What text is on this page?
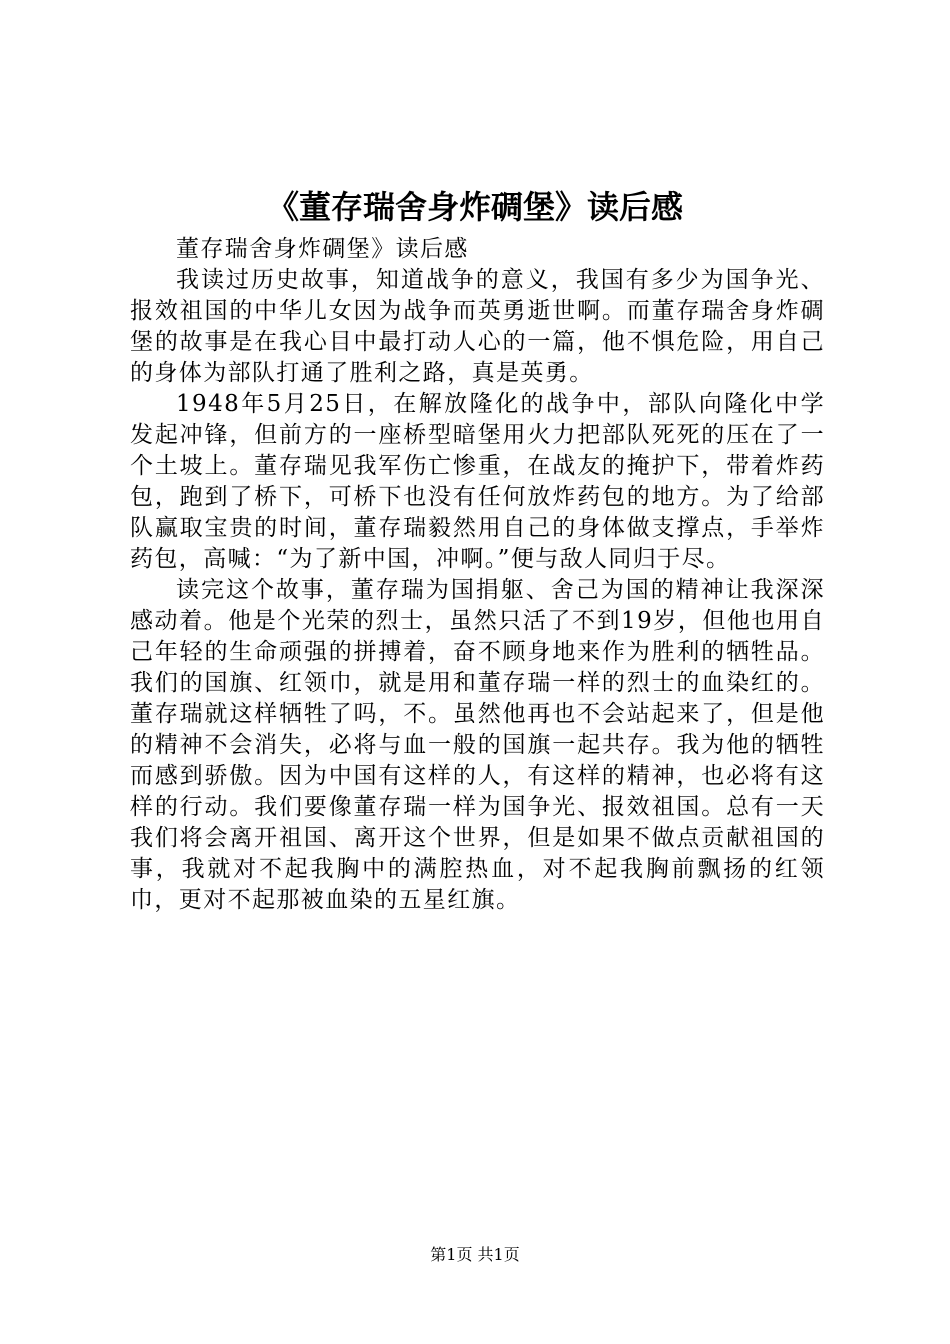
《董存瑞舍身炸碉堡》读后感

董存瑞舍身炸碉堡》读后感

我读过历史故事，知道战争的意义，我国有多少为国争光、报效祖国的中华儿女因为战争而英勇逝世啊。而董存瑞舍身炸碉堡的故事是在我心目中最打动人心的一篇，他不惧危险，用自己的身体为部队打通了胜利之路，真是英勇。

1948年5月25日，在解放隆化的战争中，部队向隆化中学发起冲锋，但前方的一座桥型暗堡用火力把部队死死的压在了一个土坡上。董存瑞见我军伤亡惨重，在战友的掩护下，带着炸药包，跑到了桥下，可桥下也没有任何放炸药包的地方。为了给部队赢取宝贵的时间，董存瑞毅然用自己的身体做支撑点，手举炸药包，高喊：“为了新中国，冲啊。”便与敌人同归于尽。

读完这个故事，董存瑞为国捐躯、舍己为国的精神让我深深感动着。他是个光荣的烈士，虽然只活了不到19岁，但他也用自己年轻的生命顽强的拼搏着，奋不顾身地来作为胜利的牺牲品。我们的国旗、红领巾，就是用和董存瑞一样的烈士的血染红的。董存瑞就这样牺牲了吗，不。虽然他再也不会站起来了，但是他的精神不会消失，必将与血一般的国旗一起共存。我为他的牺牲而感到骄傲。因为中国有这样的人，有这样的精神，也必将有这样的行动。我们要像董存瑞一样为国争光、报效祖国。总有一天我们将会离开祖国、离开这个世界，但是如果不做点贡献祖国的事，我就对不起我胸中的满腔热血，对不起我胸前飘扬的红领巾，更对不起那被血染的五星红旗。

第1页 共1页
